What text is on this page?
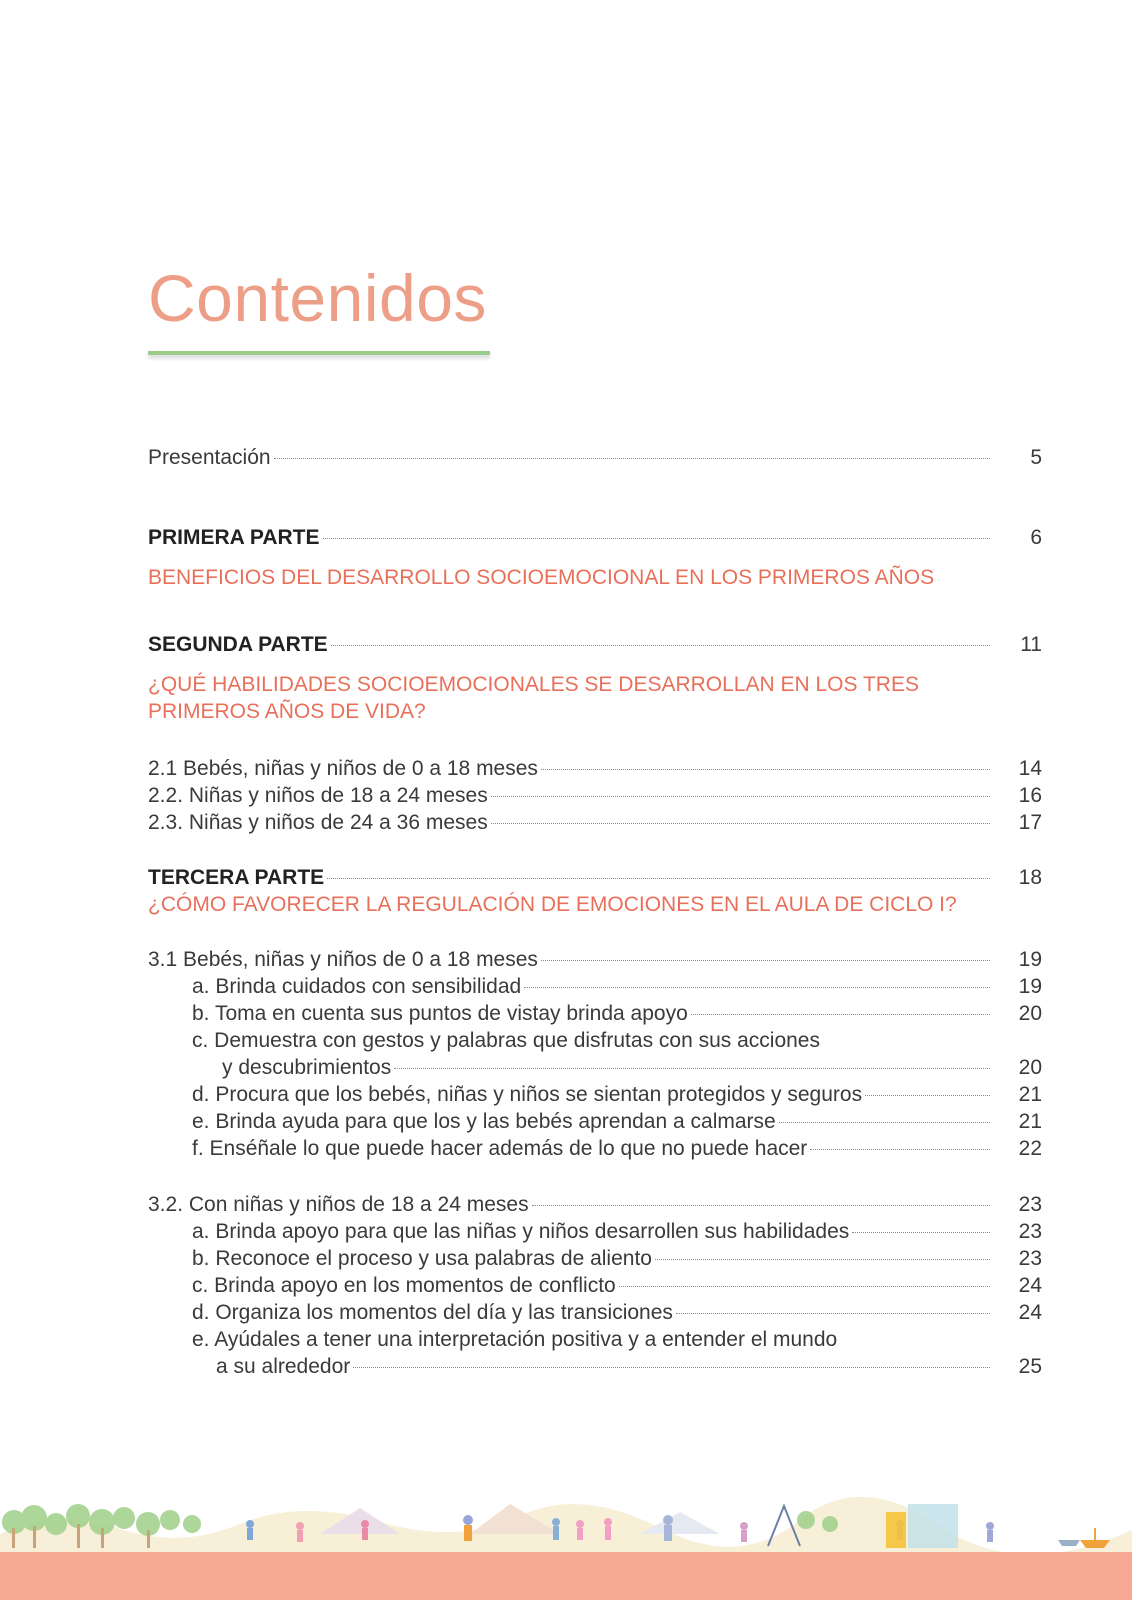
Contenidos
Presentación	5
PRIMERA PARTE	6
BENEFICIOS DEL DESARROLLO SOCIOEMOCIONAL EN LOS PRIMEROS AÑOS
SEGUNDA PARTE	11
¿QUÉ HABILIDADES SOCIOEMOCIONALES SE DESARROLLAN EN LOS TRES
PRIMEROS AÑOS DE VIDA?
2.1 Bebés, niñas y niños de 0 a 18 meses	14
2.2. Niñas y niños de 18 a 24 meses	16
2.3. Niñas y niños de 24 a 36 meses	17
TERCERA PARTE	18
¿CÓMO FAVORECER LA REGULACIÓN DE EMOCIONES EN EL AULA DE CICLO I?
3.1 Bebés, niñas y niños de 0 a 18 meses	19
a. Brinda cuidados con sensibilidad	19
b. Toma en cuenta sus puntos de vistay brinda apoyo	20
c. Demuestra con gestos y palabras que disfrutas con sus acciones
y descubrimientos	20
d. Procura que los bebés, niñas y niños se sientan protegidos y seguros	21
e. Brinda ayuda para que los y las bebés aprendan a calmarse	21
f. Enséñale lo que puede hacer además de lo que no puede hacer	22
3.2. Con niñas y niños de 18 a 24 meses	23
a. Brinda apoyo para que las niñas y niños desarrollen sus habilidades	23
b. Reconoce el proceso y usa palabras de aliento	23
c. Brinda apoyo en los momentos de conflicto	24
d. Organiza los momentos del día y las transiciones	24
e. Ayúdales a tener una interpretación positiva y a entender el mundo
a su alrededor	25
